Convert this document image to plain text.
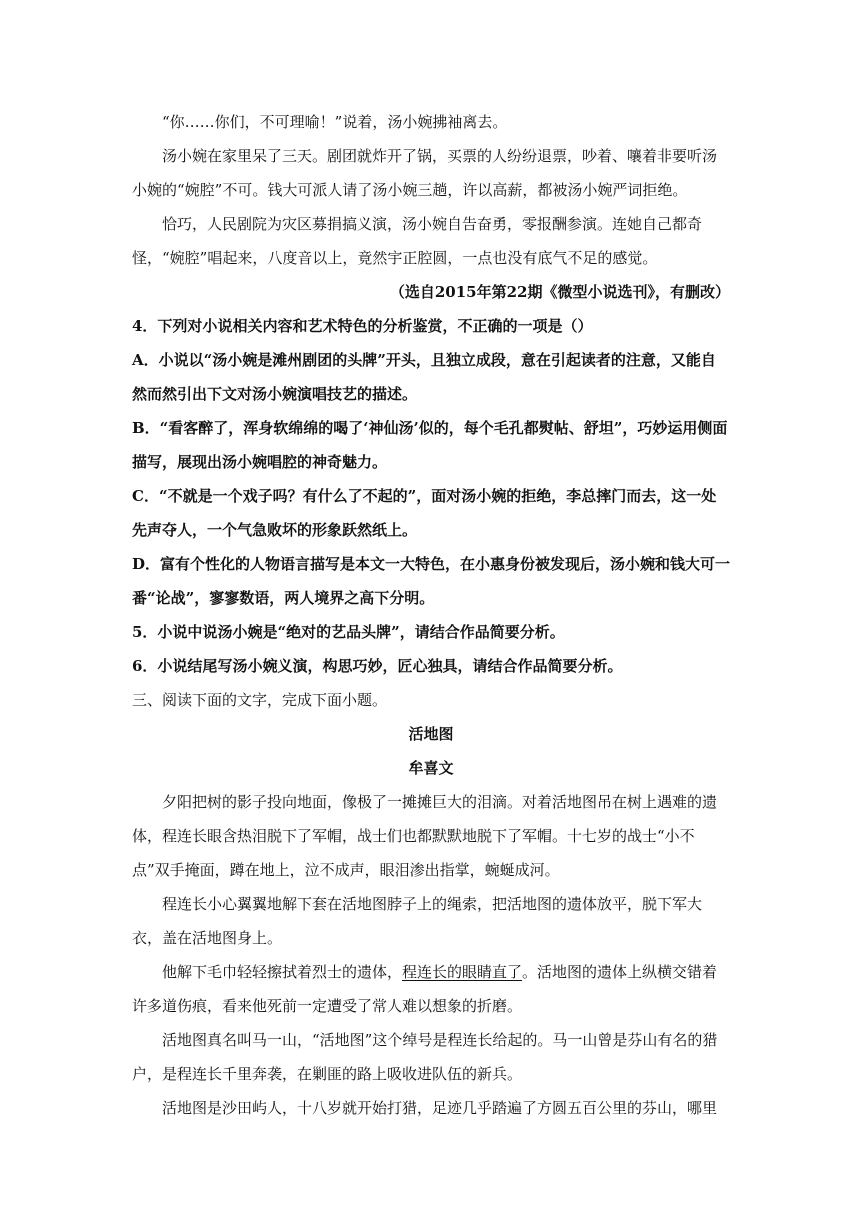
“你……你们，不可理喻！”说着，汤小婉拂袖离去。

汤小婉在家里呆了三天。剧团就炸开了锅，买票的人纷纷退票，吵着、嚷着非要听汤小婉的“婉腔”不可。钱大可派人请了汤小婉三趟，许以高薪，都被汤小婉严词拒绝。

恰巧，人民剧院为灾区募捐搞义演，汤小婉自告奋勇，零报酬参演。连她自己都奇怪，“婉腔”唱起来，八度音以上，竟然宇正腔圆，一点也没有底气不足的感觉。

（选自2015年第22期《微型小说选刊》，有删改）

4．下列对小说相关内容和艺术特色的分析鉴赏，不正确的一项是（）

A．小说以“汤小婉是滩州剧团的头牌”开头，且独立成段，意在引起读者的注意，又能自然而然引出下文对汤小婉演唱技艺的描述。

B．“看客醉了，浑身软绵绵的喝了‘神仙汤’似的，每个毛孔都熨帖、舒坦”，巧妙运用侧面描写，展现出汤小婉唱腔的神奇魅力。

C．“不就是一个戏子吗？有什么了不起的”，面对汤小婉的拒绝，李总摔门而去，这一处先声夺人，一个气急败坏的形象跃然纸上。

D．富有个性化的人物语言描写是本文一大特色，在小惠身份被发现后，汤小婉和钱大可一番“论战”，寥寥数语，两人境界之高下分明。

5．小说中说汤小婉是“绝对的艺品头牌”，请结合作品简要分析。

6．小说结尾写汤小婉义演，构思巧妙，匠心独具，请结合作品简要分析。

三、阅读下面的文字，完成下面小题。

活地图

牟喜文

夕阳把树的影子投向地面，像极了一摊摊巨大的泪滴。对着活地图吊在树上遇难的遗体，程连长眼含热泪脱下了军帽，战士们也都默默地脱下了军帽。十七岁的战士“小不点”双手掩面，蹲在地上，泣不成声，眼泪渗出指掌，蜿蜒成河。

程连长小心翼翼地解下套在活地图脖子上的绳索，把活地图的遗体放平，脱下军大衣，盖在活地图身上。

他解下毛巾轻轻擦拭着烈士的遗体，程连长的眼睛直了。活地图的遗体上纵横交错着许多道伤痕，看来他死前一定遭受了常人难以想象的折磨。

活地图真名叫马一山，“活地图”这个绰号是程连长给起的。马一山曾是芬山有名的猎户，是程连长千里奔袭，在剿匪的路上吸收进队伍的新兵。

活地图是沙田屿人，十八岁就开始打猎，足迹几乎踏遍了方圆五百公里的芬山，哪里
